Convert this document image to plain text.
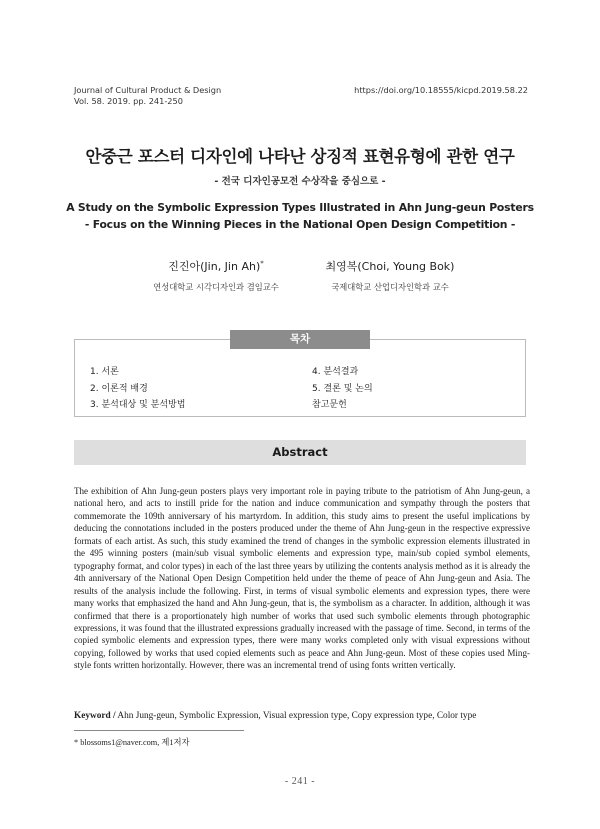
Journal of Cultural Product & Design
Vol. 58. 2019. pp. 241-250
https://doi.org/10.18555/kicpd.2019.58.22
안중근 포스터 디자인에 나타난 상징적 표현유형에 관한 연구
- 전국 디자인공모전 수상작을 중심으로 -
A Study on the Symbolic Expression Types Illustrated in Ahn Jung-geun Posters
- Focus on the Winning Pieces in the National Open Design Competition -
진진아(Jin, Jin Ah)*
연성대학교 시각디자인과 겸임교수
최영복(Choi, Young Bok)
국제대학교 산업디자인학과 교수
목차
1. 서론
2. 이론적 배경
3. 분석대상 및 분석방법
4. 분석결과
5. 결론 및 논의
참고문헌
Abstract

The exhibition of Ahn Jung-geun posters plays very important role in paying tribute to the patriotism of Ahn Jung-geun, a national hero, and acts to instill pride for the nation and induce communication and sympathy through the posters that commemorate the 109th anniversary of his martyrdom. In addition, this study aims to present the useful implications by deducing the connotations included in the posters produced under the theme of Ahn Jung-geun in the respective expressive formats of each artist. As such, this study examined the trend of changes in the symbolic expression elements illustrated in the 495 winning posters (main/sub visual symbolic elements and expression type, main/sub copied symbol elements, typography format, and color types) in each of the last three years by utilizing the contents analysis method as it is already the 4th anniversary of the National Open Design Competition held under the theme of peace of Ahn Jung-geun and Asia. The results of the analysis include the following. First, in terms of visual symbolic elements and expression types, there were many works that emphasized the hand and Ahn Jung-geun, that is, the symbolism as a character. In addition, although it was confirmed that there is a proportionately high number of works that used such symbolic elements through photographic expressions, it was found that the illustrated expressions gradually increased with the passage of time. Second, in terms of the copied symbolic elements and expression types, there were many works completed only with visual expressions without copying, followed by works that used copied elements such as peace and Ahn Jung-geun. Most of these copies used Ming-style fonts written horizontally. However, there was an incremental trend of using fonts written vertically.

Keyword / Ahn Jung-geun, Symbolic Expression, Visual expression type, Copy expression type, Color type
* blossoms1@naver.com, 제1저자
- 241 -
